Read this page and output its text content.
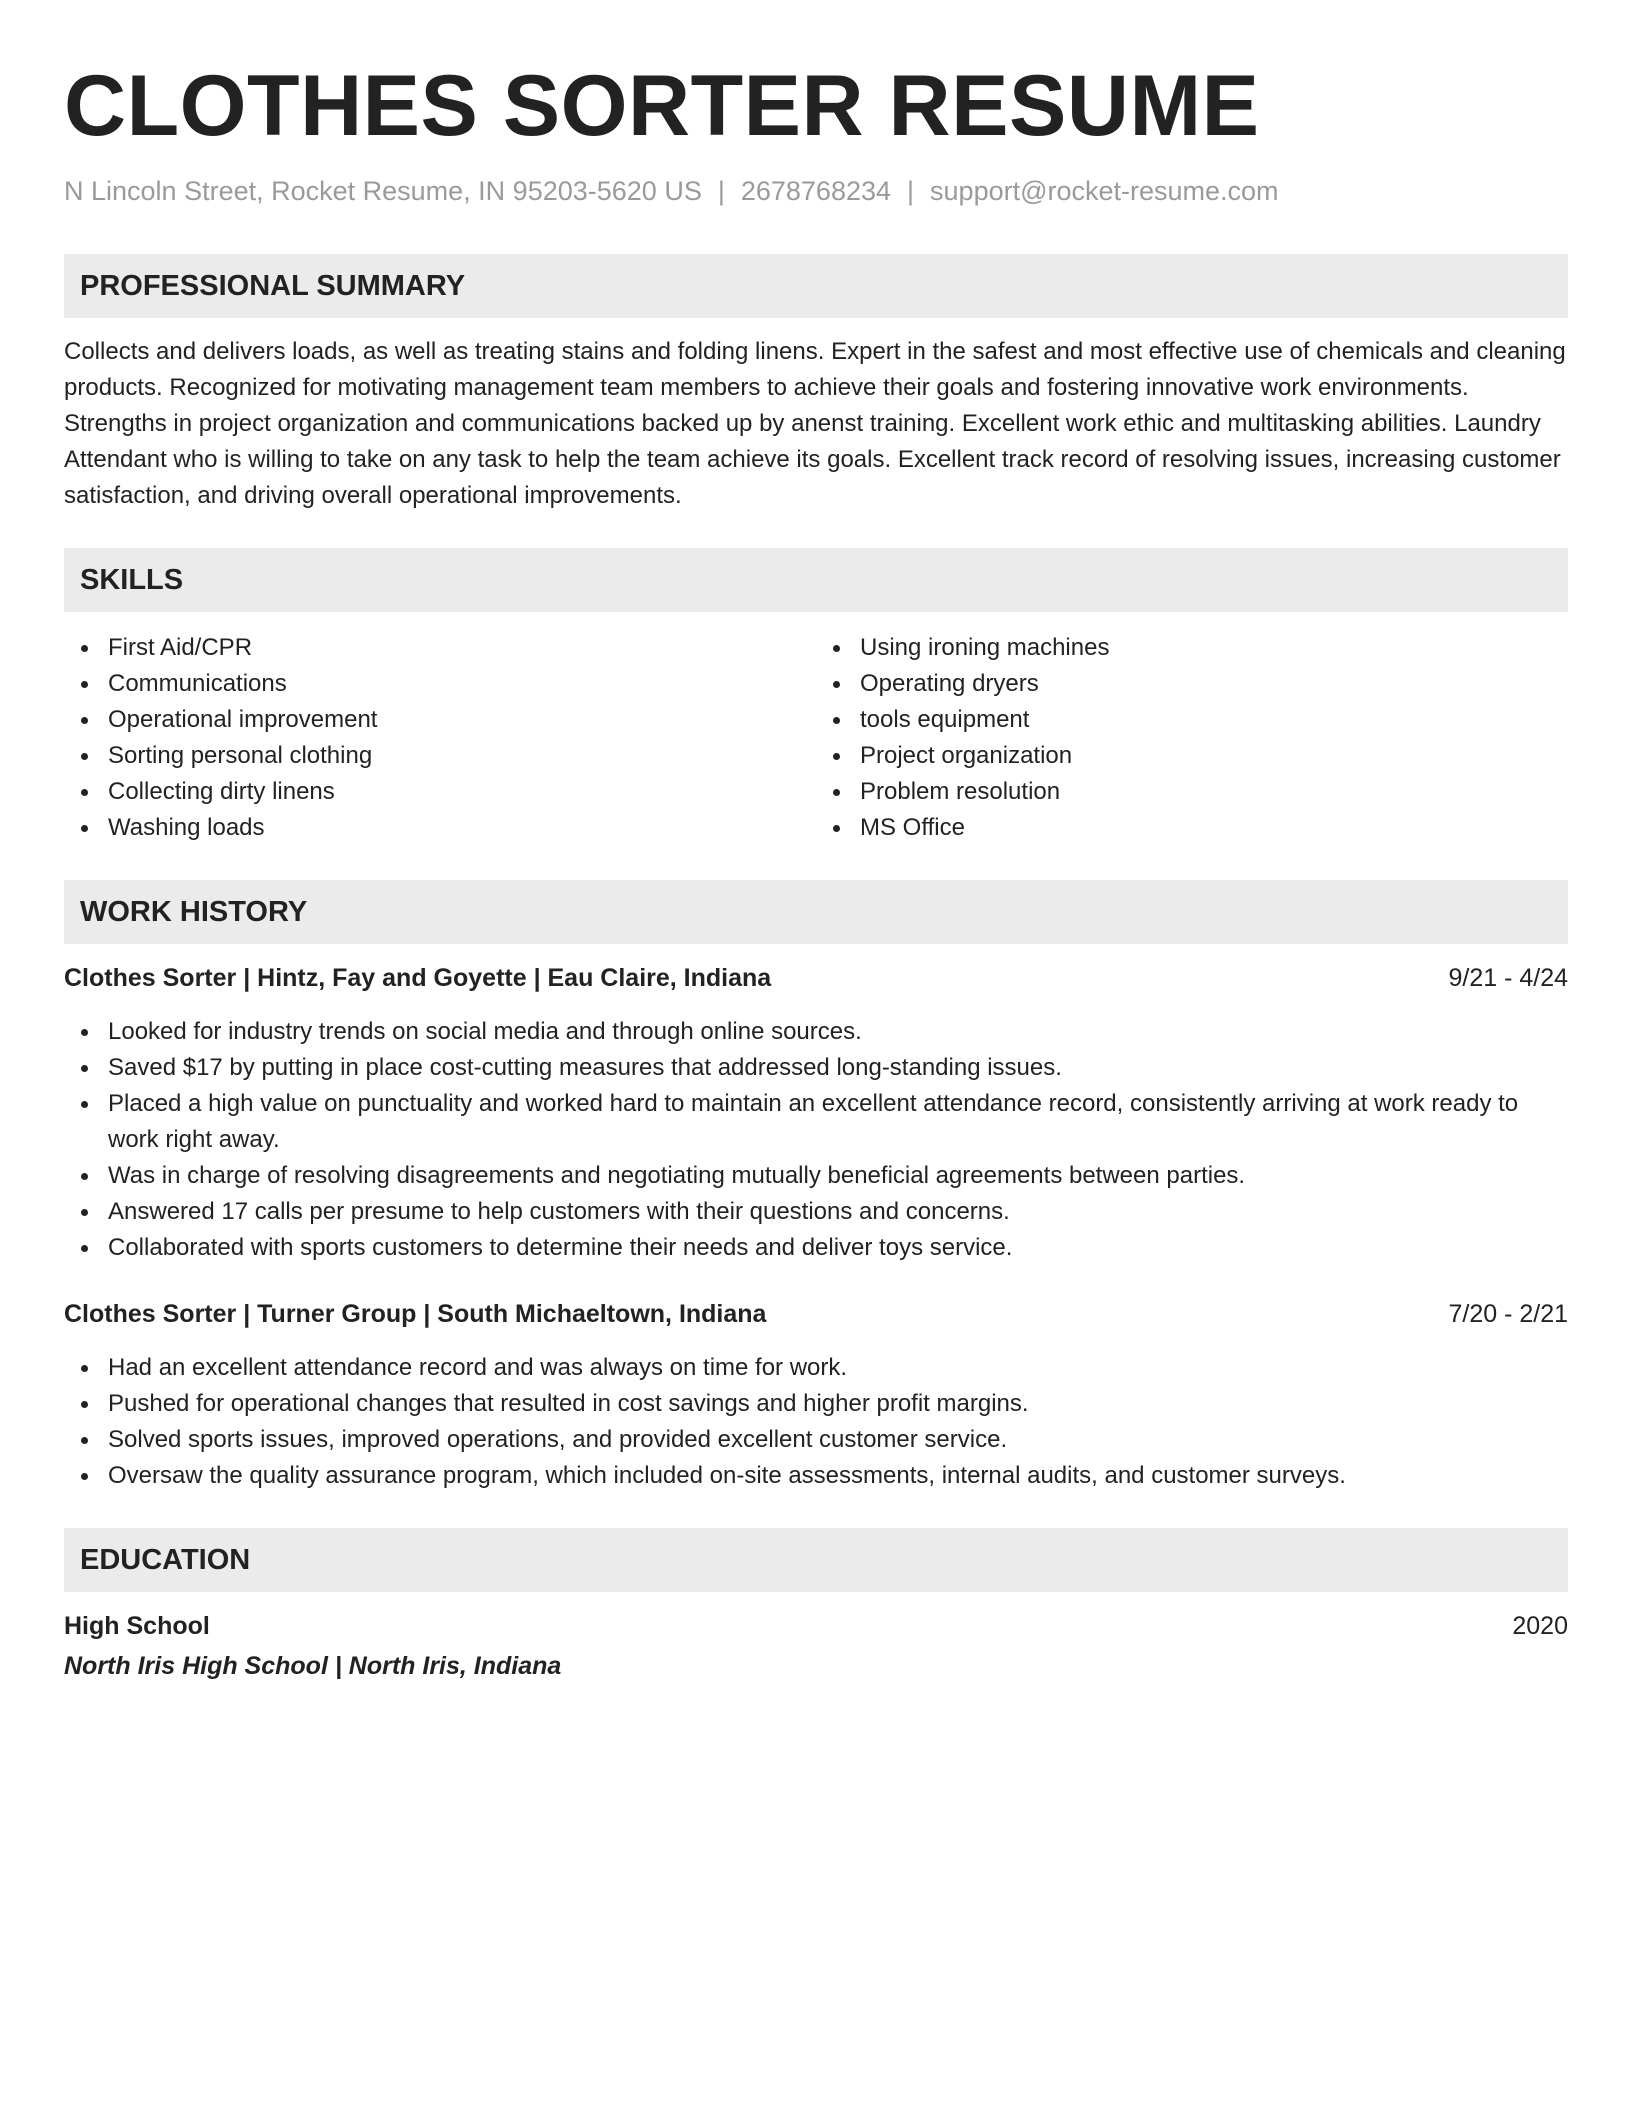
CLOTHES SORTER RESUME
N Lincoln Street, Rocket Resume, IN 95203-5620 US | 2678768234 | support@rocket-resume.com
PROFESSIONAL SUMMARY

Collects and delivers loads, as well as treating stains and folding linens. Expert in the safest and most effective use of chemicals and cleaning products. Recognized for motivating management team members to achieve their goals and fostering innovative work environments. Strengths in project organization and communications backed up by anenst training. Excellent work ethic and multitasking abilities. Laundry Attendant who is willing to take on any task to help the team achieve its goals. Excellent track record of resolving issues, increasing customer satisfaction, and driving overall operational improvements.

SKILLS
First Aid/CPR
Communications
Operational improvement
Sorting personal clothing
Collecting dirty linens
Washing loads
Using ironing machines
Operating dryers
tools equipment
Project organization
Problem resolution
MS Office
WORK HISTORY
Clothes Sorter | Hintz, Fay and Goyette | Eau Claire, Indiana	9/21 - 4/24
Looked for industry trends on social media and through online sources.
Saved $17 by putting in place cost-cutting measures that addressed long-standing issues.
Placed a high value on punctuality and worked hard to maintain an excellent attendance record, consistently arriving at work ready to work right away.
Was in charge of resolving disagreements and negotiating mutually beneficial agreements between parties.
Answered 17 calls per presume to help customers with their questions and concerns.
Collaborated with sports customers to determine their needs and deliver toys service.
Clothes Sorter | Turner Group | South Michaeltown, Indiana	7/20 - 2/21
Had an excellent attendance record and was always on time for work.
Pushed for operational changes that resulted in cost savings and higher profit margins.
Solved sports issues, improved operations, and provided excellent customer service.
Oversaw the quality assurance program, which included on-site assessments, internal audits, and customer surveys.
EDUCATION
High School	2020
North Iris High School | North Iris, Indiana
